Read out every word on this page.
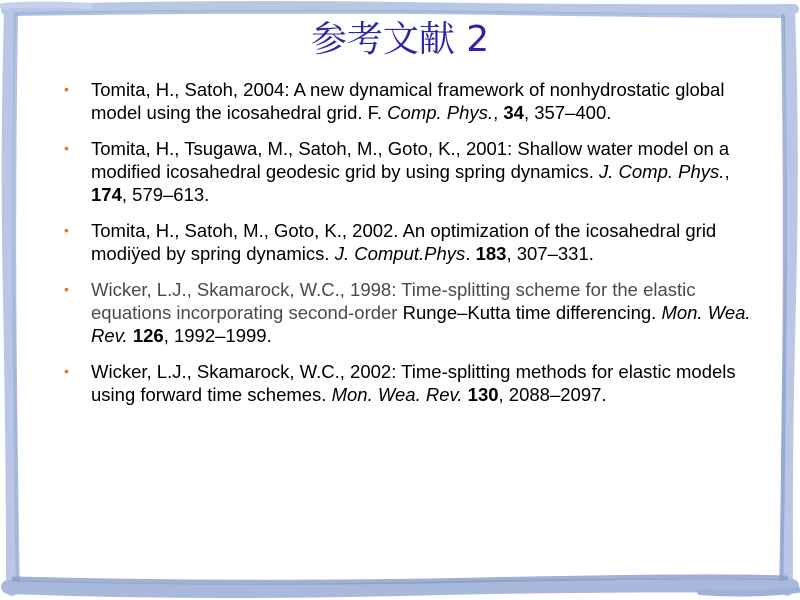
参考文献 2
• Tomita, H., Satoh, 2004: A new dynamical framework of nonhydrostatic global model using the icosahedral grid. F. Comp. Phys., 34, 357–400.
• Tomita, H., Tsugawa, M., Satoh, M., Goto, K., 2001: Shallow water model on a modified icosahedral geodesic grid by using spring dynamics. J. Comp. Phys., 174, 579–613.
• Tomita, H., Satoh, M., Goto, K., 2002. An optimization of the icosahedral grid modiÿed by spring dynamics. J. Comput.Phys. 183, 307–331.
• Wicker, L.J., Skamarock, W.C., 1998: Time-splitting scheme for the elastic equations incorporating second-order Runge–Kutta time differencing. Mon. Wea. Rev. 126, 1992–1999.
• Wicker, L.J., Skamarock, W.C., 2002: Time-splitting methods for elastic models using forward time schemes. Mon. Wea. Rev. 130, 2088–2097.
